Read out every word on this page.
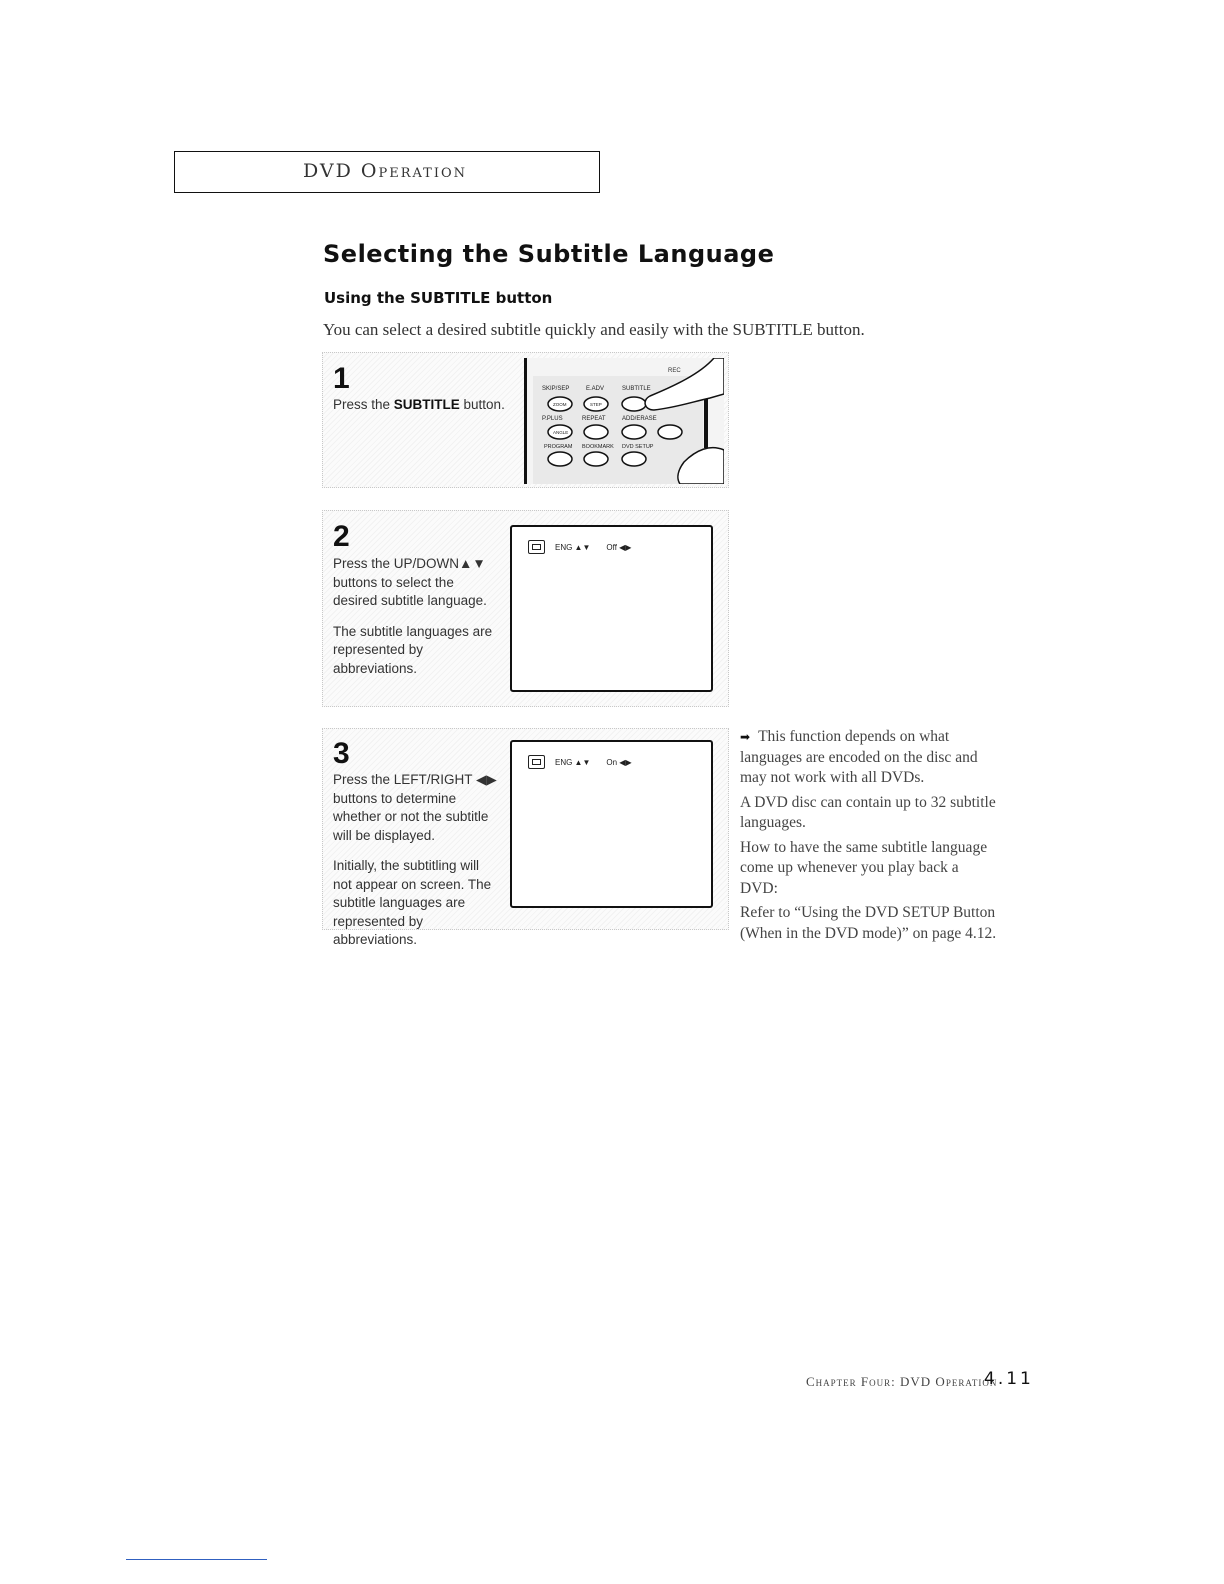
DVD Operation
Selecting the Subtitle Language
Using the SUBTITLE button
You can select a desired subtitle quickly and easily with the SUBTITLE button.
1
Press the SUBTITLE button.
REC
SKIP/SEP	E.ADV	SUBTITLE
ZOOM	STEP
P.PLUS	REPEAT	ADD/ERASE
ANGLE
PROGRAM BOOKMARK DVD SETUP
2

Press the UP/DOWN▲▼ buttons to select the desired subtitle language.

The subtitle languages are represented by abbreviations.

ENG ▲▼ Off ◀▶
3

Press the LEFT/RIGHT ◀▶ buttons to determine whether or not the subtitle will be displayed.

Initially, the subtitling will not appear on screen. The subtitle languages are represented by abbreviations.

ENG ▲▼ On ◀▶

➡ This function depends on what languages are encoded on the disc and may not work with all DVDs.

A DVD disc can contain up to 32 subtitle languages.

How to have the same subtitle language come up whenever you play back a DVD:

Refer to “Using the DVD SETUP Button (When in the DVD mode)” on page 4.12.

Chapter Four: DVD Operation
4.11
